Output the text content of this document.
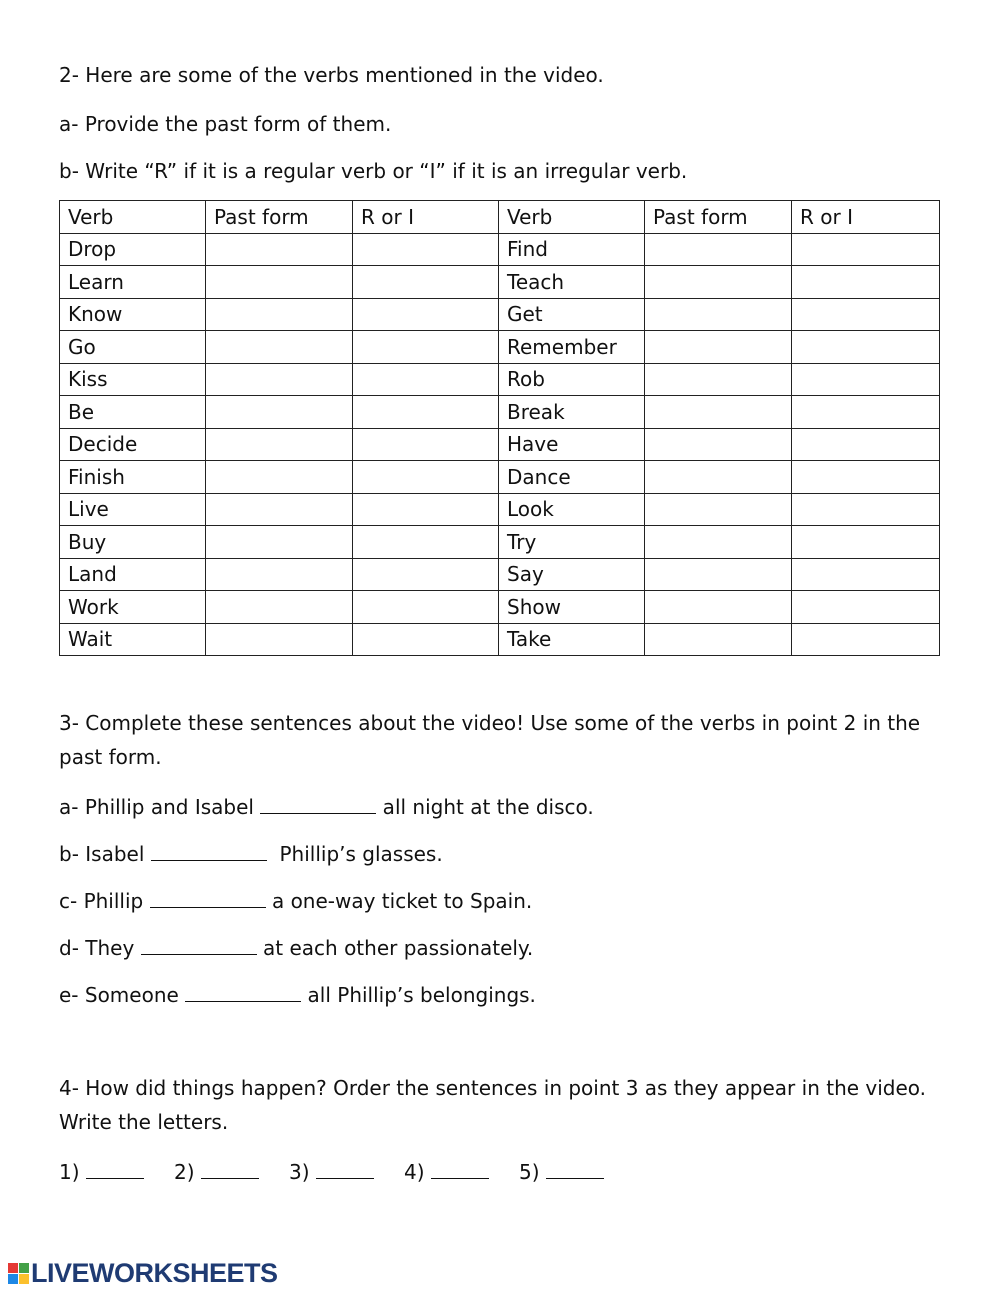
2- Here are some of the verbs mentioned in the video.
a- Provide the past form of them.
b- Write “R” if it is a regular verb or “I” if it is an irregular verb.
Verb	Past form	R or I	Verb	Past form	R or I
Drop			Find		
Learn			Teach		
Know			Get		
Go			Remember		
Kiss			Rob		
Be			Break		
Decide			Have		
Finish			Dance		
Live			Look		
Buy			Try		
Land			Say		
Work			Show		
Wait			Take		
3- Complete these sentences about the video! Use some of the verbs in point 2 in the past form.
a- Phillip and Isabel	all night at the disco.
b- Isabel	Phillip’s glasses.
c- Phillip	a one-way ticket to Spain.
d- They	at each other passionately.
e- Someone	all Phillip’s belongings.
4- How did things happen? Order the sentences in point 3 as they appear in the video. Write the letters.
1)	2)	3)	4)	5)
LIVEWORKSHEETS
